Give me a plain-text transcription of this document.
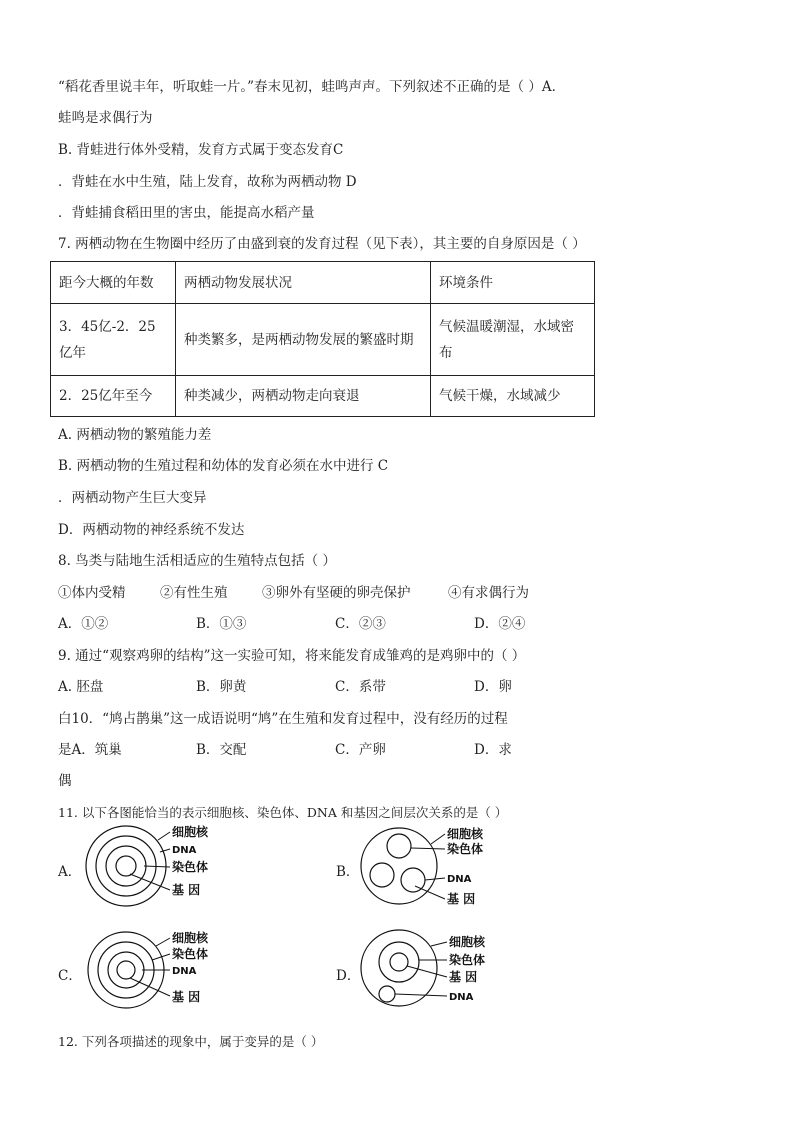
“稻花香里说丰年，听取蛙一片。”春末见初，蛙鸣声声。下列叙述不正确的是（ ）A．
蛙鸣是求偶行为
B. 背蛙进行体外受精，发育方式属于变态发育C
．背蛙在水中生殖，陆上发育，故称为两栖动物 D
．背蛙捕食稻田里的害虫，能提高水稻产量
7. 两栖动物在生物圈中经历了由盛到衰的发育过程（见下表），其主要的自身原因是（ ）
距今大概的年数	两栖动物发展状况	环境条件
3．45亿-2．25亿年	种类繁多，是两栖动物发展的繁盛时期	气候温暖潮湿，水域密布
2．25亿年至今	种类减少，两栖动物走向衰退	气候干燥，水域减少
A. 两栖动物的繁殖能力差
B. 两栖动物的生殖过程和幼体的发育必须在水中进行 C
．两栖动物产生巨大变异
D．两栖动物的神经系统不发达
8. 鸟类与陆地生活相适应的生殖特点包括（ ）
①体内受精	②有性生殖	③卵外有坚硬的卵壳保护	④有求偶行为
A．①②	B．①③	C．②③	D．②④
9. 通过“观察鸡卵的结构”这一实验可知，将来能发育成雏鸡的是鸡卵中的（ ）
A. 胚盘	B．卵黄	C．系带	D．卵
白10．“鸠占鹊巢”这一成语说明“鸠”在生殖和发育过程中，没有经历的过程
是A．筑巢	B．交配	C．产卵	D．求
偶
11. 以下各图能恰当的表示细胞核、染色体、DNA 和基因之间层次关系的是（ ）
A．
细胞核
DNA
染色体
基 因
B．
细胞核
染色体
DNA
基 因
C．
细胞核
染色体
DNA
基 因
D．
细胞核
染色体
基 因
DNA
12. 下列各项描述的现象中，属于变异的是（ ）
